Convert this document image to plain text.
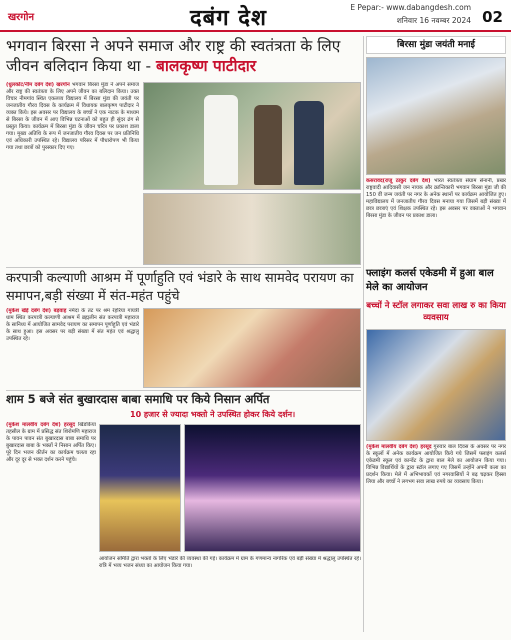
खरगोन	दबंग देश	E Pepar:- www.dabangdesh.com
शनिवार 16 नवम्बर 2024 02
भगवान बिरसा ने अपने समाज और राष्ट्र की स्वतंत्रता के लिए जीवन बलिदान किया था - बालकृष्ण पाटीदार
(धुलकोट/नीम दबंग देश) खरगोन भगवान बिरसा मुंडा ने अपने समाज और राष्ट्र की स्वतंत्रता के लिए अपने जीवन का बलिदान किया। उक्त विचार नीमगांव स्थित एकलव्य विद्यालय में बिरसा मुंडा की जयंती पर जनजातीय गौरव दिवस के कार्यक्रम में विधायक बालकृष्ण पाटीदार ने व्यक्त किये। इस अवसर पर विद्यालय के बच्चों ने एक नाटक के माध्यम से बिरसा के जीवन में आए विभिन्न घटनाओं को बहुत ही सुंदर ढंग से प्रस्तुत किया। कार्यक्रम में बिरसा मुंडा के जीवन चरित्र पर प्रकाश डाला गया। मुख्य अतिथि के रूप में जनजातीय गौरव दिवस पर जन प्रतिनिधि एवं अधिकारी उपस्थित रहे। विद्यालय परिसर में पौधारोपण भी किया गया तथा छात्रों को पुरस्कार दिए गए।
बिरसा मुंडा जयंती मनाई
कसरावद(राजू ठाकुर दबंग देश) भारत स्वतंत्रता संग्राम सेनानी, प्रखर राष्ट्रवादी आदिवासी जन नायक और क्रान्तिकारी भगवान बिरसा मुंडा जी की 150 वीं जन्म जयंती पर नगर के अनेक स्थानों पर कार्यक्रम आयोजित हुए। महाविद्यालय में जनजातीय गौरव दिवस मनाया गया जिसमें बड़ी संख्या में छात्र छात्राएं एवं शिक्षक उपस्थित रहे। इस अवसर पर वक्ताओं ने भगवान बिरसा मुंडा के जीवन पर प्रकाश डाला।
फ्लाइंग कलर्स एकेडमी में हुआ बाल मेले का आयोजन
बच्चों ने स्टॉल लगाकर सवा लाख रु का किया व्यवसाय
(मुकेश मालवीय दबंग देश) हरसूद गुरुवार बाल दिवस के अवसर पर नगर के स्कूलों में अनेक कार्यक्रम आयोजित किये गये जिसमें फ्लाइंग कलर्स एकेडमी स्कूल एवं कान्वेंट के द्वारा बाल मेले का आयोजन किया गया। विभिन्न विद्यार्थियों के द्वारा स्टॉल लगाए गए जिसमें उन्होंने अपनी कला का प्रदर्शन किया। मेले में अभिभावकों एवं नगरवासियों ने बढ़ चढ़कर हिस्सा लिया और बच्चों ने लगभग सवा लाख रुपये का व्यवसाय किया।
करपात्री कल्याणी आश्रम में पूर्णाहुति एवं भंडारे के साथ सामवेद परायण का समापन,बड़ी संख्या में संत-महंत पहुंचे
(मुकेश खेड़े दबंग देश) बड़वाह नर्मदा के तट पर श्रम रेहरिया गायत्री धाम स्थित करपात्री कल्याणी आश्रम में ब्रह्मलीन संत करपात्री महाराज के सानिध्य में आयोजित सामवेद परायण का समापन पूर्णाहुति एवं भंडारे के साथ हुआ। इस अवसर पर बड़ी संख्या में संत महंत एवं श्रद्धालु उपस्थित रहे।
शाम 5 बजे संत बुखारदास बाबा समाधि पर किये निसान अर्पित
10 हजार से ज्यादा भक्तो ने उपस्थित होकर किये दर्शन।
(मुकेश मालवीय दबंग देश) हरसूद खिडकिया तहसील के ग्राम में प्रसिद्ध संत शिरोमणि महाराज के पावन पावन संत बुखारदास बाबा समाधि पर बुखारदास बाबा के भक्तों ने निसान अर्पित किए। पूरे दिन भजन कीर्तन का कार्यक्रम चलता रहा और दूर दूर से भक्त दर्शन करने पहुंचे।
आयोजन समिति द्वारा भक्तों के लिए भंडारे की व्यवस्था की गई। कार्यक्रम में ग्राम के गणमान्य नागरिक एवं बड़ी संख्या में श्रद्धालु उपस्थित रहे। रात्रि में भव्य भजन संध्या का आयोजन किया गया।
